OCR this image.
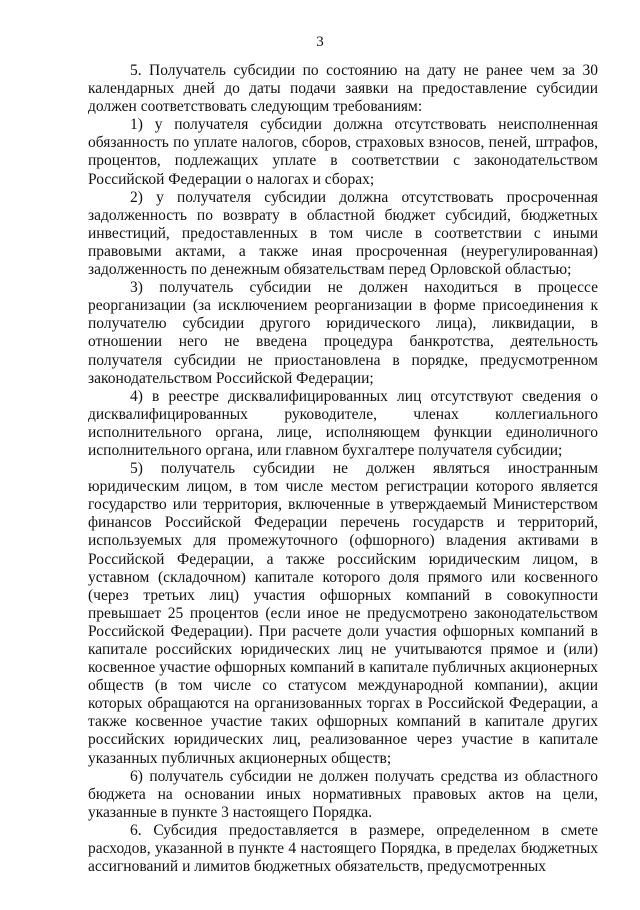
3

5. Получатель субсидии по состоянию на дату не ранее чем за 30 календарных дней до даты подачи заявки на предоставление субсидии должен соответствовать следующим требованиям:

1) у получателя субсидии должна отсутствовать неисполненная обязанность по уплате налогов, сборов, страховых взносов, пеней, штрафов, процентов, подлежащих уплате в соответствии с законодательством Российской Федерации о налогах и сборах;

2) у получателя субсидии должна отсутствовать просроченная задолженность по возврату в областной бюджет субсидий, бюджетных инвестиций, предоставленных в том числе в соответствии с иными правовыми актами, а также иная просроченная (неурегулированная) задолженность по денежным обязательствам перед Орловской областью;

3) получатель субсидии не должен находиться в процессе реорганизации (за исключением реорганизации в форме присоединения к получателю субсидии другого юридического лица), ликвидации, в отношении него не введена процедура банкротства, деятельность получателя субсидии не приостановлена в порядке, предусмотренном законодательством Российской Федерации;

4) в реестре дисквалифицированных лиц отсутствуют сведения о дисквалифицированных руководителе, членах коллегиального исполнительного органа, лице, исполняющем функции единоличного исполнительного органа, или главном бухгалтере получателя субсидии;

5) получатель субсидии не должен являться иностранным юридическим лицом, в том числе местом регистрации которого является государство или территория, включенные в утверждаемый Министерством финансов Российской Федерации перечень государств и территорий, используемых для промежуточного (офшорного) владения активами в Российской Федерации, а также российским юридическим лицом, в уставном (складочном) капитале которого доля прямого или косвенного (через третьих лиц) участия офшорных компаний в совокупности превышает 25 процентов (если иное не предусмотрено законодательством Российской Федерации). При расчете доли участия офшорных компаний в капитале российских юридических лиц не учитываются прямое и (или) косвенное участие офшорных компаний в капитале публичных акционерных обществ (в том числе со статусом международной компании), акции которых обращаются на организованных торгах в Российской Федерации, а также косвенное участие таких офшорных компаний в капитале других российских юридических лиц, реализованное через участие в капитале указанных публичных акционерных обществ;

6) получатель субсидии не должен получать средства из областного бюджета на основании иных нормативных правовых актов на цели, указанные в пункте 3 настоящего Порядка.

6. Субсидия предоставляется в размере, определенном в смете расходов, указанной в пункте 4 настоящего Порядка, в пределах бюджетных ассигнований и лимитов бюджетных обязательств, предусмотренных
